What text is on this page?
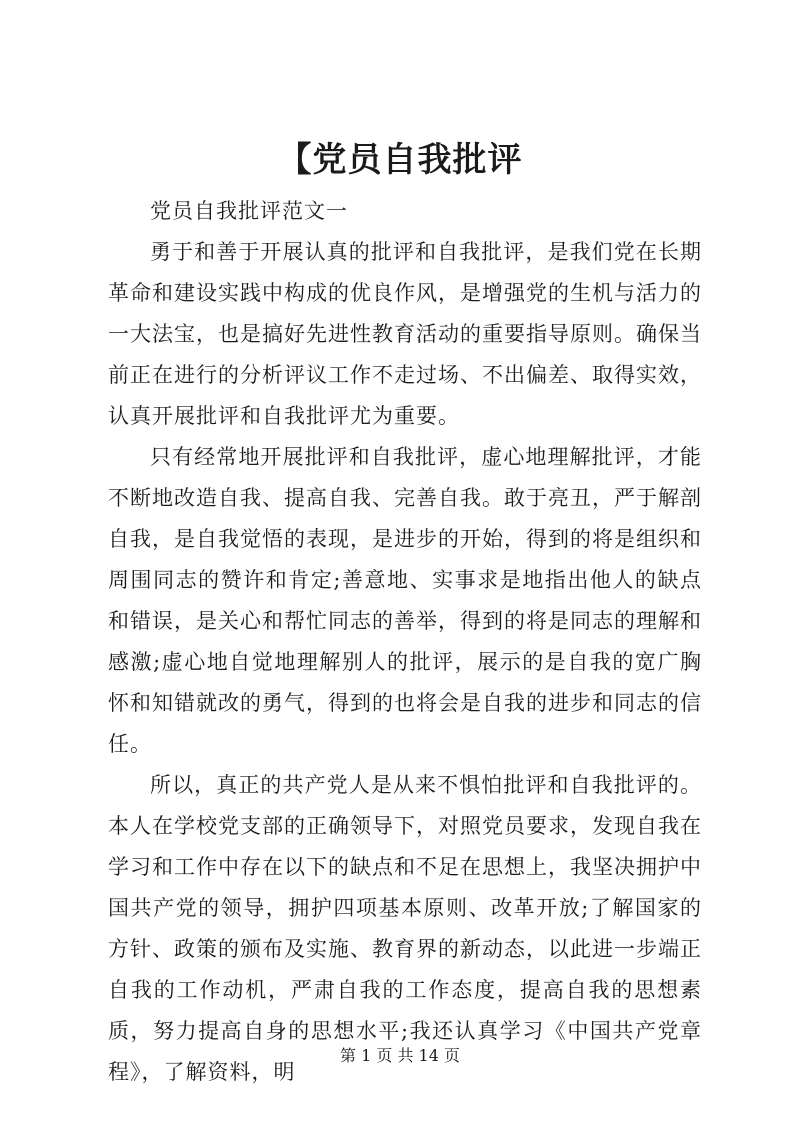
【党员自我批评

党员自我批评范文一

勇于和善于开展认真的批评和自我批评，是我们党在长期革命和建设实践中构成的优良作风，是增强党的生机与活力的一大法宝，也是搞好先进性教育活动的重要指导原则。确保当前正在进行的分析评议工作不走过场、不出偏差、取得实效，认真开展批评和自我批评尤为重要。

只有经常地开展批评和自我批评，虚心地理解批评，才能不断地改造自我、提高自我、完善自我。敢于亮丑，严于解剖自我，是自我觉悟的表现，是进步的开始，得到的将是组织和周围同志的赞许和肯定;善意地、实事求是地指出他人的缺点和错误，是关心和帮忙同志的善举，得到的将是同志的理解和感激;虚心地自觉地理解别人的批评，展示的是自我的宽广胸怀和知错就改的勇气，得到的也将会是自我的进步和同志的信任。

所以，真正的共产党人是从来不惧怕批评和自我批评的。本人在学校党支部的正确领导下，对照党员要求，发现自我在学习和工作中存在以下的缺点和不足在思想上，我坚决拥护中国共产党的领导，拥护四项基本原则、改革开放;了解国家的方针、政策的颁布及实施、教育界的新动态，以此进一步端正自我的工作动机，严肃自我的工作态度，提高自我的思想素质，努力提高自身的思想水平;我还认真学习《中国共产党章程》，了解资料，明

第 1 页 共 14 页
